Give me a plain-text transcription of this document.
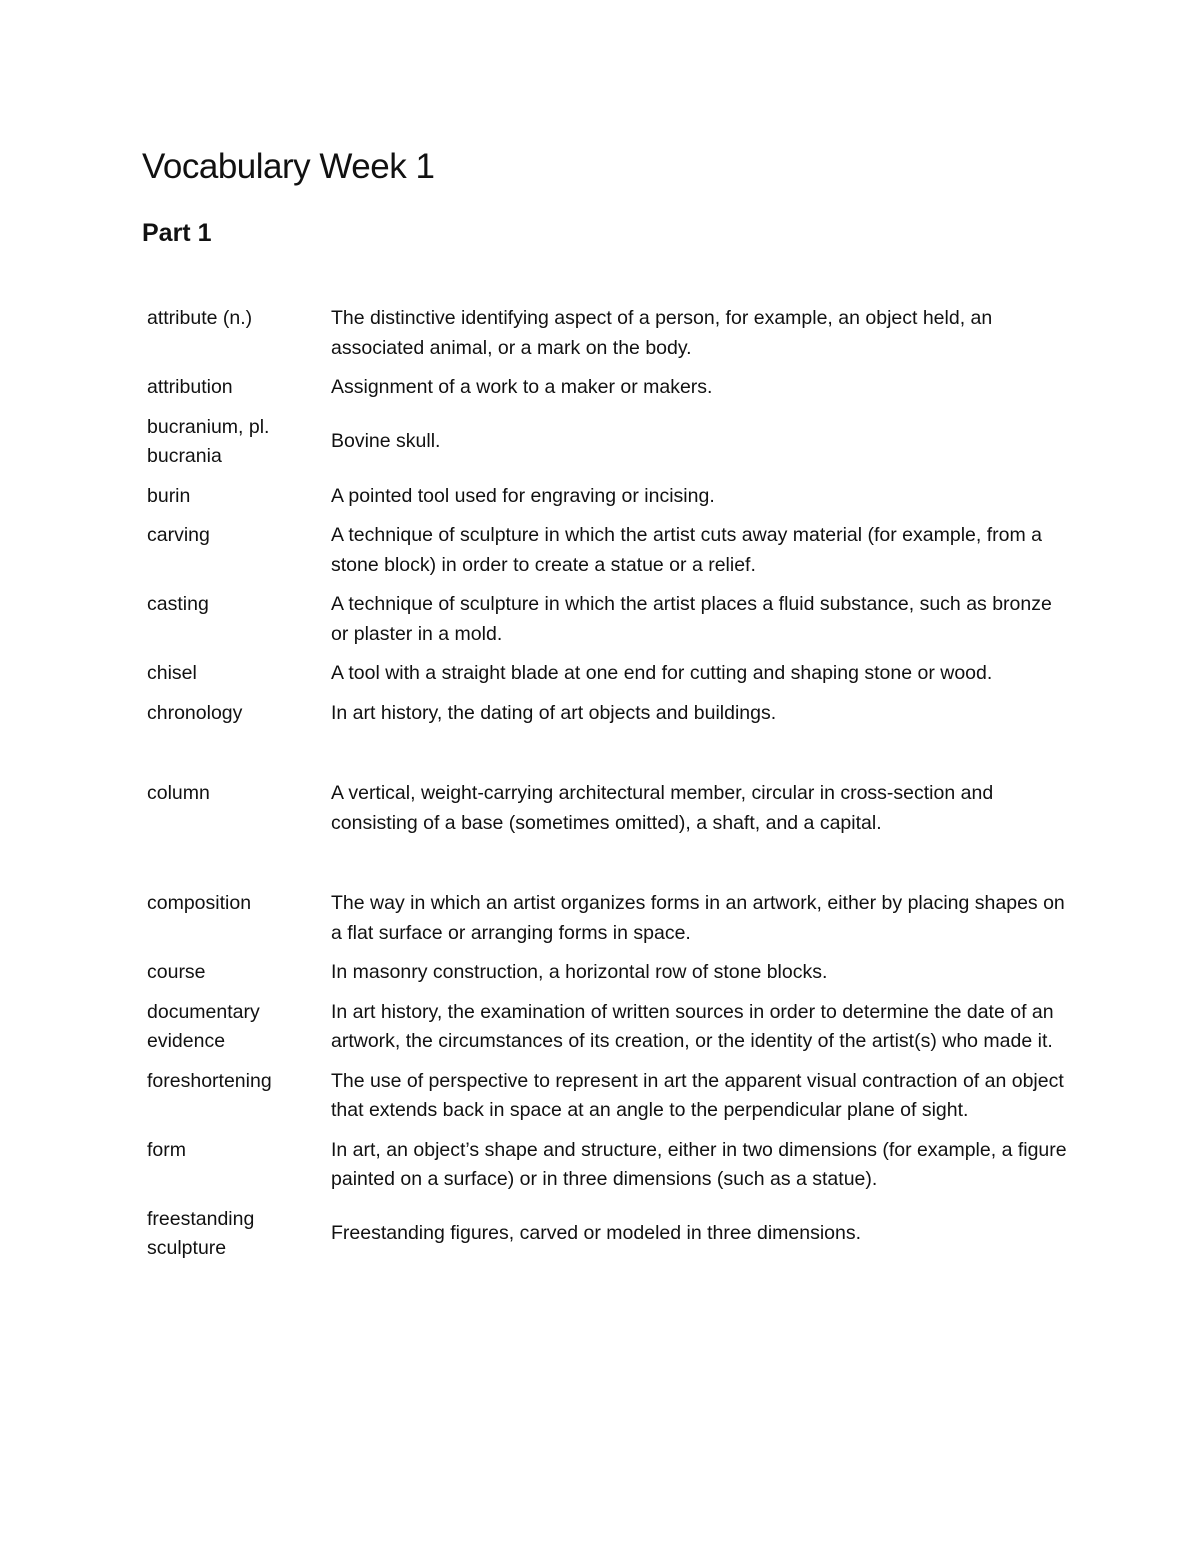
Vocabulary Week 1
Part 1
attribute (n.)	The distinctive identifying aspect of a person, for example, an object held, an associated animal, or a mark on the body.
attribution	Assignment of a work to a maker or makers.
bucranium, pl. bucrania	Bovine skull.
burin	A pointed tool used for engraving or incising.
carving	A technique of sculpture in which the artist cuts away material (for example, from a stone block) in order to create a statue or a relief.
casting	A technique of sculpture in which the artist places a fluid substance, such as bronze or plaster in a mold.
chisel	A tool with a straight blade at one end for cutting and shaping stone or wood.
chronology	In art history, the dating of art objects and buildings.
column	A vertical, weight-carrying architectural member, circular in cross-section and consisting of a base (sometimes omitted), a shaft, and a capital.
composition	The way in which an artist organizes forms in an artwork, either by placing shapes on a flat surface or arranging forms in space.
course	In masonry construction, a horizontal row of stone blocks.
documentary evidence	In art history, the examination of written sources in order to determine the date of an artwork, the circumstances of its creation, or the identity of the artist(s) who made it.
foreshortening	The use of perspective to represent in art the apparent visual contraction of an object that extends back in space at an angle to the perpendicular plane of sight.
form	In art, an object’s shape and structure, either in two dimensions (for example, a figure painted on a surface) or in three dimensions (such as a statue).
freestanding sculpture	Freestanding figures, carved or modeled in three dimensions.
